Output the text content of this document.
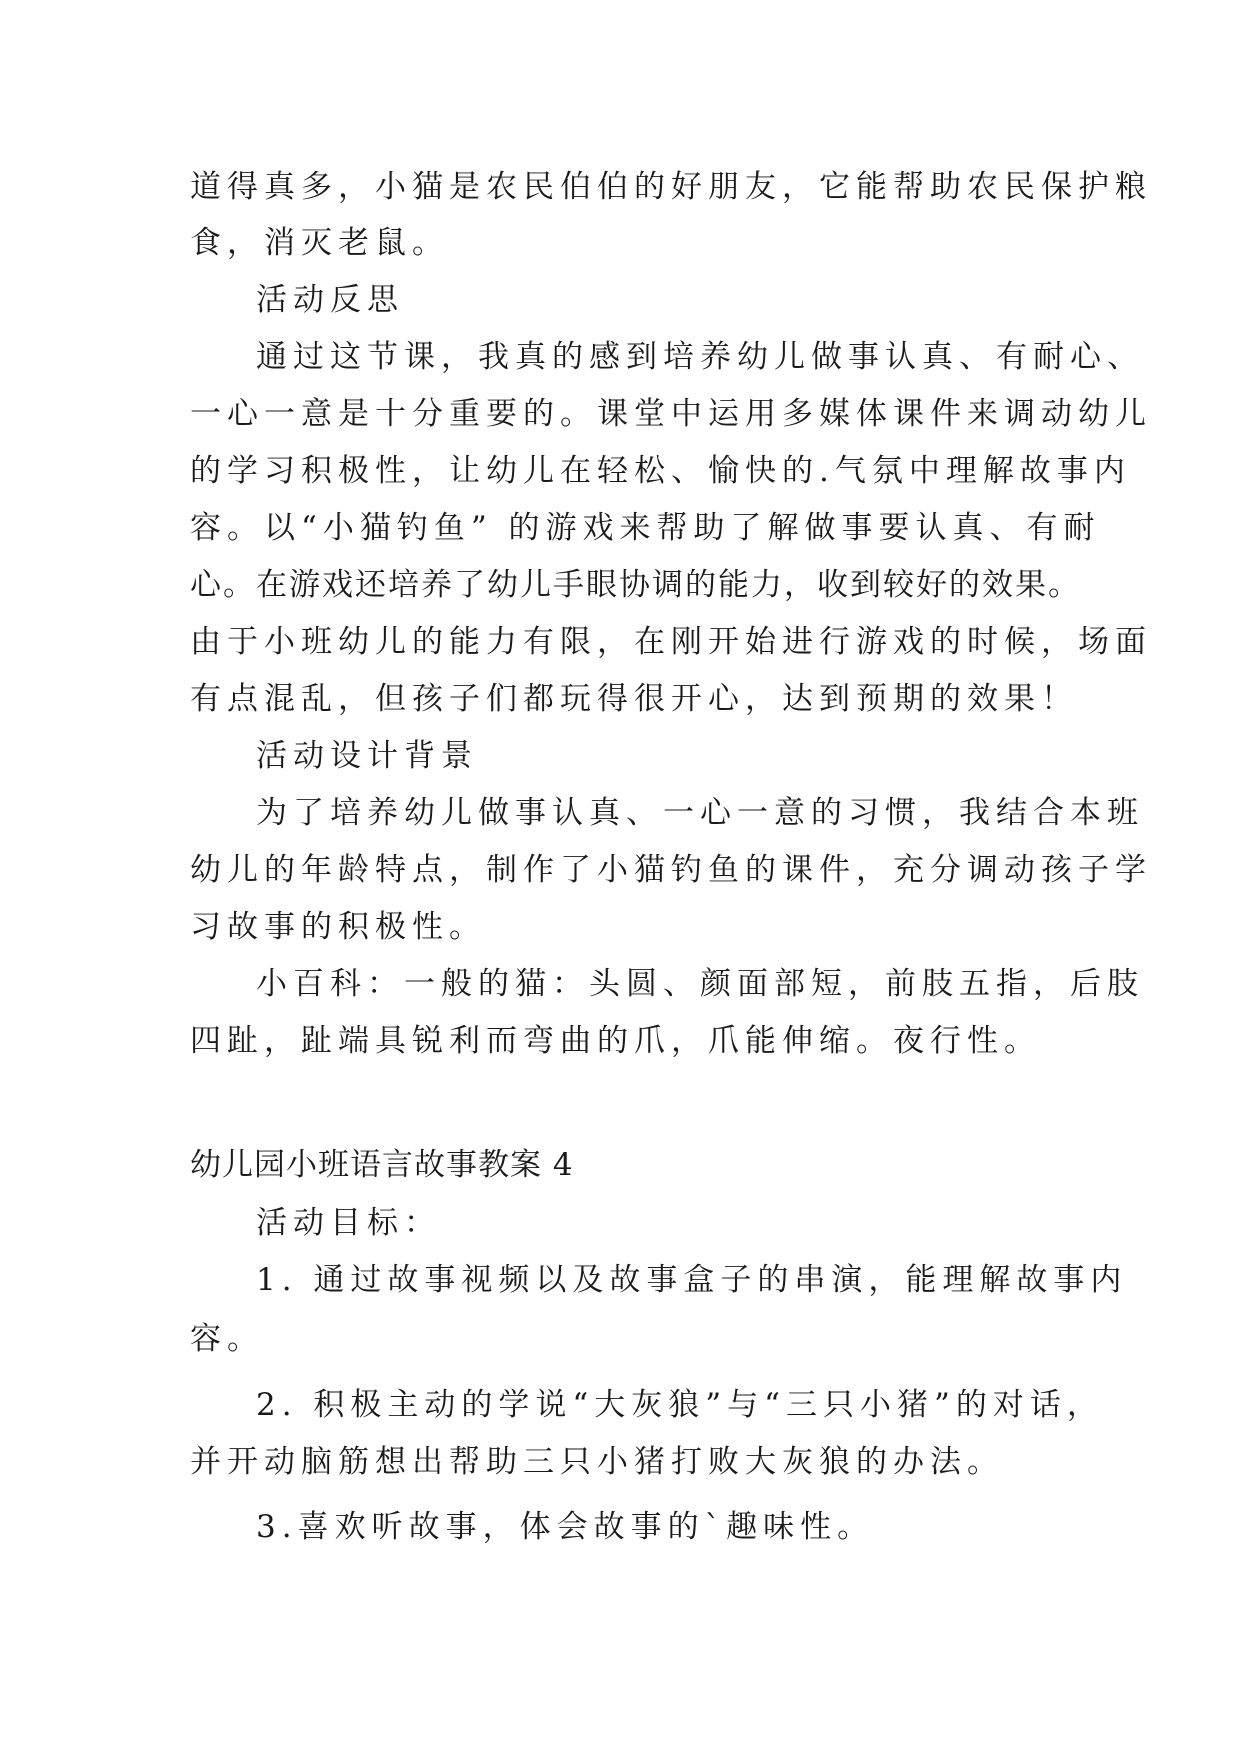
道得真多，小猫是农民伯伯的好朋友，它能帮助农民保护粮
食，消灭老鼠。
活动反思
通过这节课，我真的感到培养幼儿做事认真、有耐心、
一心一意是十分重要的。课堂中运用多媒体课件来调动幼儿
的学习积极性，让幼儿在轻松、愉快的.气氛中理解故事内
容。以“小猫钓鱼” 的游戏来帮助了解做事要认真、有耐
心。在游戏还培养了幼儿手眼协调的能力，收到较好的效果。
由于小班幼儿的能力有限，在刚开始进行游戏的时候，场面
有点混乱，但孩子们都玩得很开心，达到预期的效果！
活动设计背景
为了培养幼儿做事认真、一心一意的习惯，我结合本班
幼儿的年龄特点，制作了小猫钓鱼的课件，充分调动孩子学
习故事的积极性。
小百科：一般的猫：头圆、颜面部短，前肢五指，后肢
四趾，趾端具锐利而弯曲的爪，爪能伸缩。夜行性。
幼儿园小班语言故事教案 4
活动目标：
1. 通过故事视频以及故事盒子的串演，能理解故事内
容。
2. 积极主动的学说“大灰狼”与“三只小猪”的对话，
并开动脑筋想出帮助三只小猪打败大灰狼的办法。
3.喜欢听故事，体会故事的`趣味性。
